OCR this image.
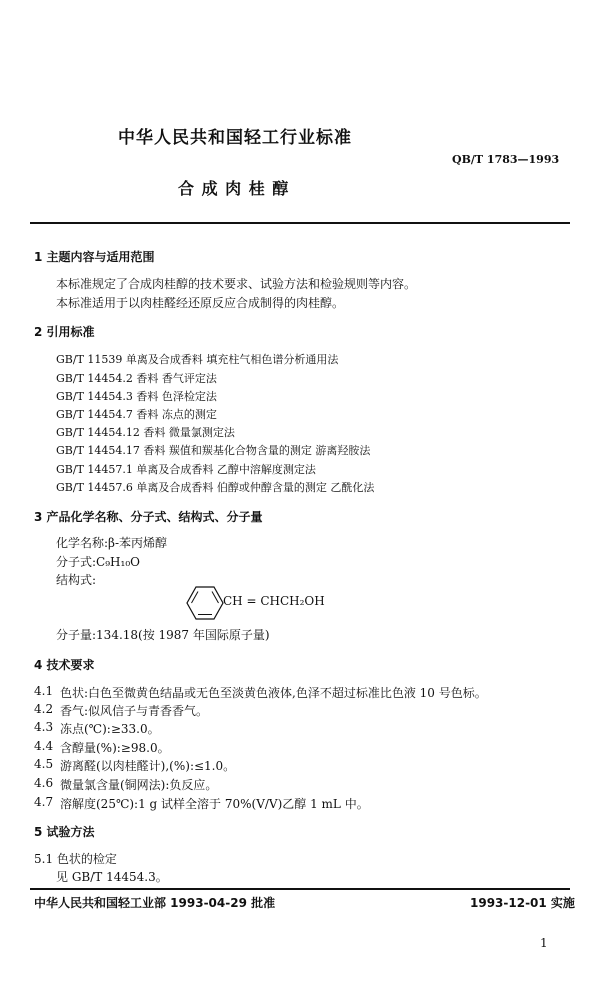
中华人民共和国轻工行业标准
QB/T 1783—1993
合 成 肉 桂 醇
1 主题内容与适用范围
本标准规定了合成肉桂醇的技术要求、试验方法和检验规则等内容。
本标准适用于以肉桂醛经还原反应合成制得的肉桂醇。
2 引用标准
GB/T 11539 单离及合成香料 填充柱气相色谱分析通用法
GB/T 14454.2 香料 香气评定法
GB/T 14454.3 香料 色泽检定法
GB/T 14454.7 香料 冻点的测定
GB/T 14454.12 香料 微量氯测定法
GB/T 14454.17 香料 羰值和羰基化合物含量的测定 游离羟胺法
GB/T 14457.1 单离及合成香料 乙醇中溶解度测定法
GB/T 14457.6 单离及合成香料 伯醇或仲醇含量的测定 乙酰化法
3 产品化学名称、分子式、结构式、分子量
化学名称:β-苯丙烯醇
分子式:C₉H₁₀O
结构式:
CH = CHCH₂OH
分子量:134.18(按 1987 年国际原子量)
4 技术要求
4.1 色状:白色至微黄色结晶或无色至淡黄色液体,色泽不超过标准比色液 10 号色标。
4.2 香气:似风信子与青香香气。
4.3 冻点(℃):≥33.0。
4.4 含醇量(%):≥98.0。
4.5 游离醛(以肉桂醛计),(%):≤1.0。
4.6 微量氯含量(铜网法):负反应。
4.7 溶解度(25℃):1 g 试样全溶于 70%(V/V)乙醇 1 mL 中。
5 试验方法
5.1 色状的检定
见 GB/T 14454.3。
中华人民共和国轻工业部 1993-04-29 批准	1993-12-01 实施
1
